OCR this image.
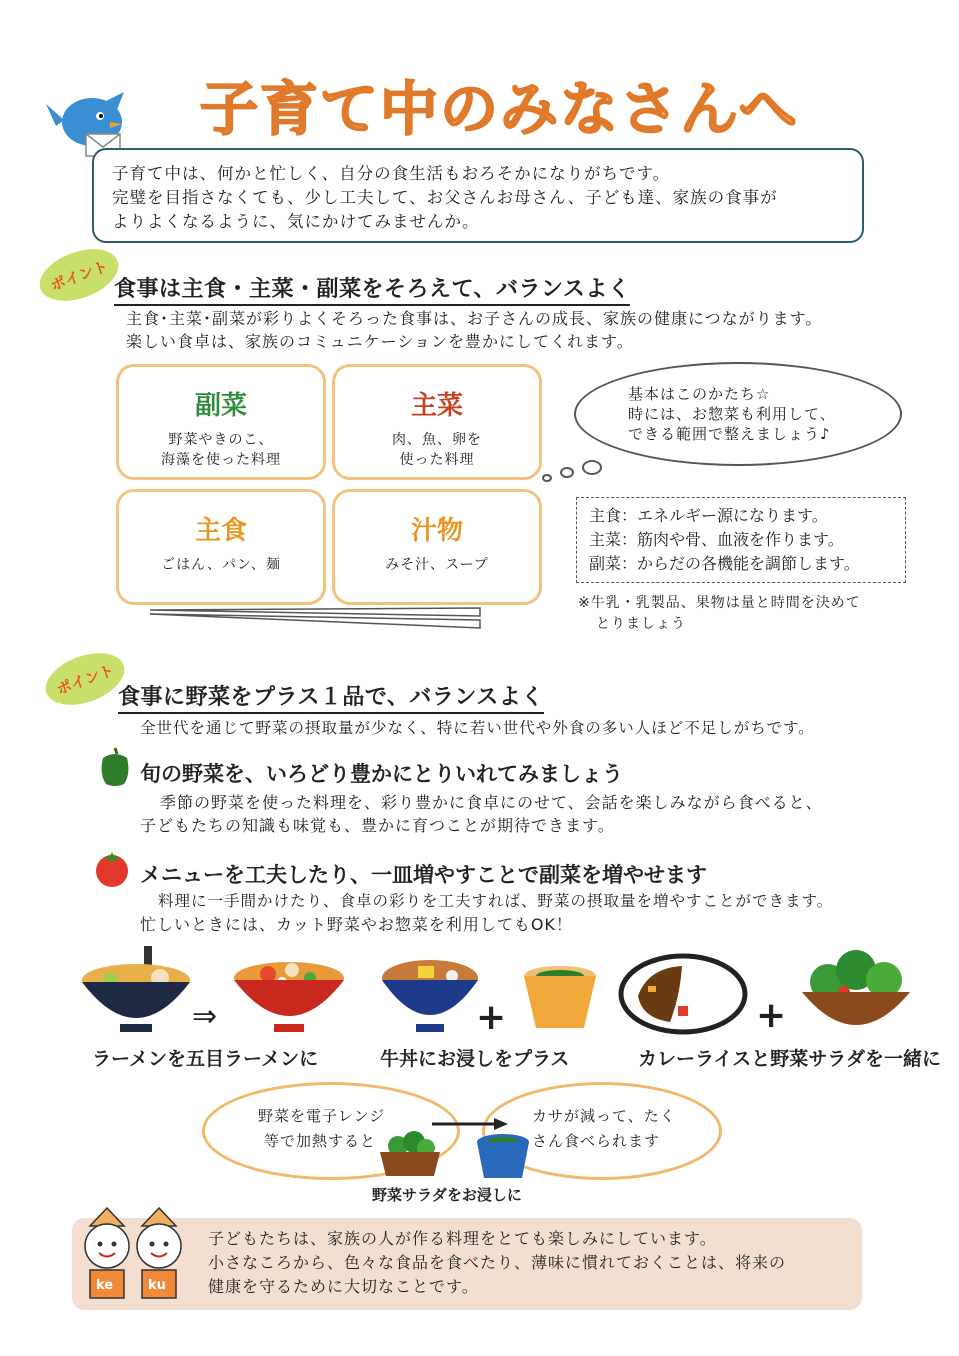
子育て中のみなさんへ
子育て中は、何かと忙しく、自分の食生活もおろそかになりがちです。
完璧を目指さなくても、少し工夫して、お父さんお母さん、子ども達、家族の食事が
よりよくなるように、気にかけてみませんか。
ポイント 食事は主食・主菜・副菜をそろえて、バランスよく
主食･主菜･副菜が彩りよくそろった食事は、お子さんの成長、家族の健康につながります。
楽しい食卓は、家族のコミュニケーションを豊かにしてくれます。
副菜
野菜やきのこ、
海藻を使った料理
主菜
肉、魚、卵を
使った料理
主食
ごはん、パン、麺
汁物
みそ汁、スープ
基本はこのかたち☆
時には、お惣菜も利用して、
できる範囲で整えましょう♪
主食：エネルギー源になります。
主菜：筋肉や骨、血液を作ります。
副菜：からだの各機能を調節します。
※牛乳・乳製品、果物は量と時間を決めて
とりましょう
ポイント 食事に野菜をプラス１品で、バランスよく
全世代を通じて野菜の摂取量が少なく、特に若い世代や外食の多い人ほど不足しがちです。
旬の野菜を、いろどり豊かにとりいれてみましょう
季節の野菜を使った料理を、彩り豊かに食卓にのせて、会話を楽しみながら食べると、
子どもたちの知識も味覚も、豊かに育つことが期待できます。
メニューを工夫したり、一皿増やすことで副菜を増やせます
料理に一手間かけたり、食卓の彩りを工夫すれば、野菜の摂取量を増やすことができます。
忙しいときには、カット野菜やお惣菜を利用してもOK！
⇒	+	+
ラーメンを五目ラーメンに	牛丼にお浸しをプラス	カレーライスと野菜サラダを一緒に
野菜を電子レンジ
等で加熱すると
カサが減って、たく
さん食べられます
野菜サラダをお浸しに
子どもたちは、家族の人が作る料理をとても楽しみにしています。
小さなころから、色々な食品を食べたり、薄味に慣れておくことは、将来の
健康を守るために大切なことです。
ke	ku
